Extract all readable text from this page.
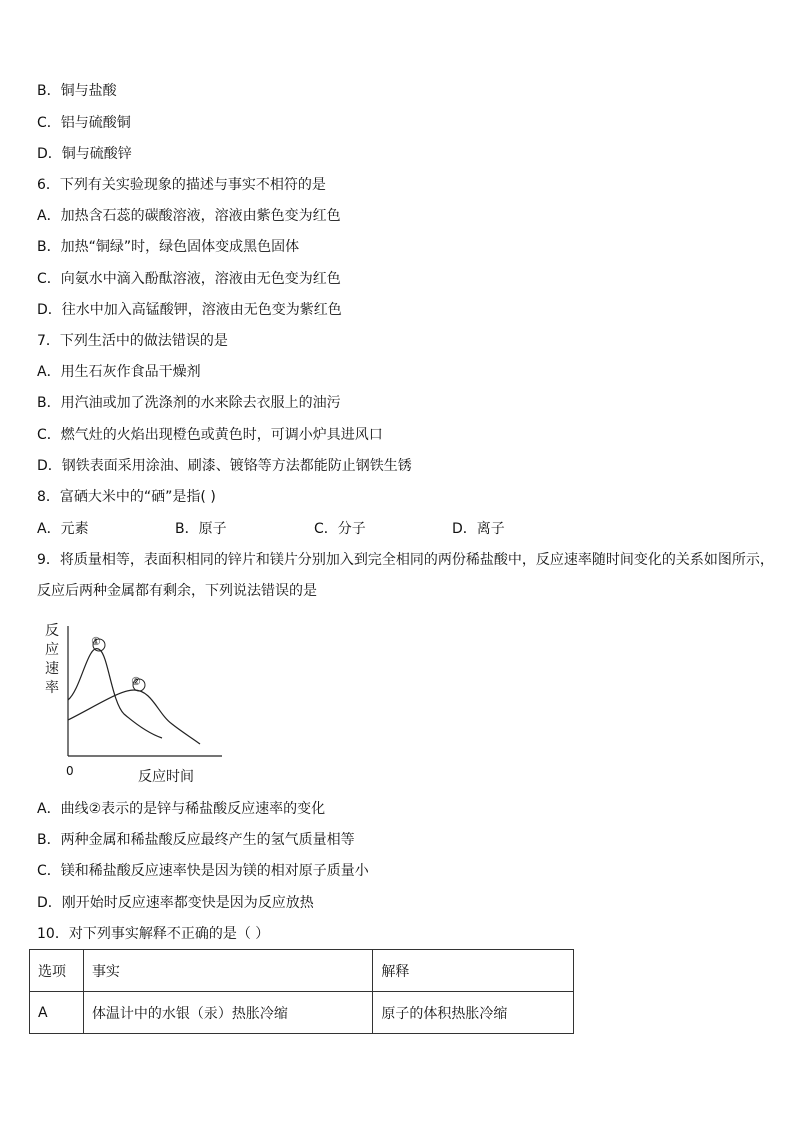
B．铜与盐酸
C．铝与硫酸铜
D．铜与硫酸锌
6．下列有关实验现象的描述与事实不相符的是
A．加热含石蕊的碳酸溶液，溶液由紫色变为红色
B．加热“铜绿”时，绿色固体变成黑色固体
C．向氨水中滴入酚酞溶液，溶液由无色变为红色
D．往水中加入高锰酸钾，溶液由无色变为紫红色
7．下列生活中的做法错误的是
A．用生石灰作食品干燥剂
B．用汽油或加了洗涤剂的水来除去衣服上的油污
C．燃气灶的火焰出现橙色或黄色时，可调小炉具进风口
D．钢铁表面采用涂油、刷漆、镀铬等方法都能防止钢铁生锈
8．富硒大米中的“硒”是指( )
A．元素	B．原子	C．分子	D．离子
9．将质量相等，表面积相同的锌片和镁片分别加入到完全相同的两份稀盐酸中，反应速率随时间变化的关系如图所示，
反应后两种金属都有剩余，下列说法错误的是
①
②
反
应
速
率
0	反应时间
A．曲线②表示的是锌与稀盐酸反应速率的变化
B．两种金属和稀盐酸反应最终产生的氢气质量相等
C．镁和稀盐酸反应速率快是因为镁的相对原子质量小
D．刚开始时反应速率都变快是因为反应放热
10．对下列事实解释不正确的是（ ）
选项	事实	解释
A	体温计中的水银（汞）热胀冷缩	原子的体积热胀冷缩
